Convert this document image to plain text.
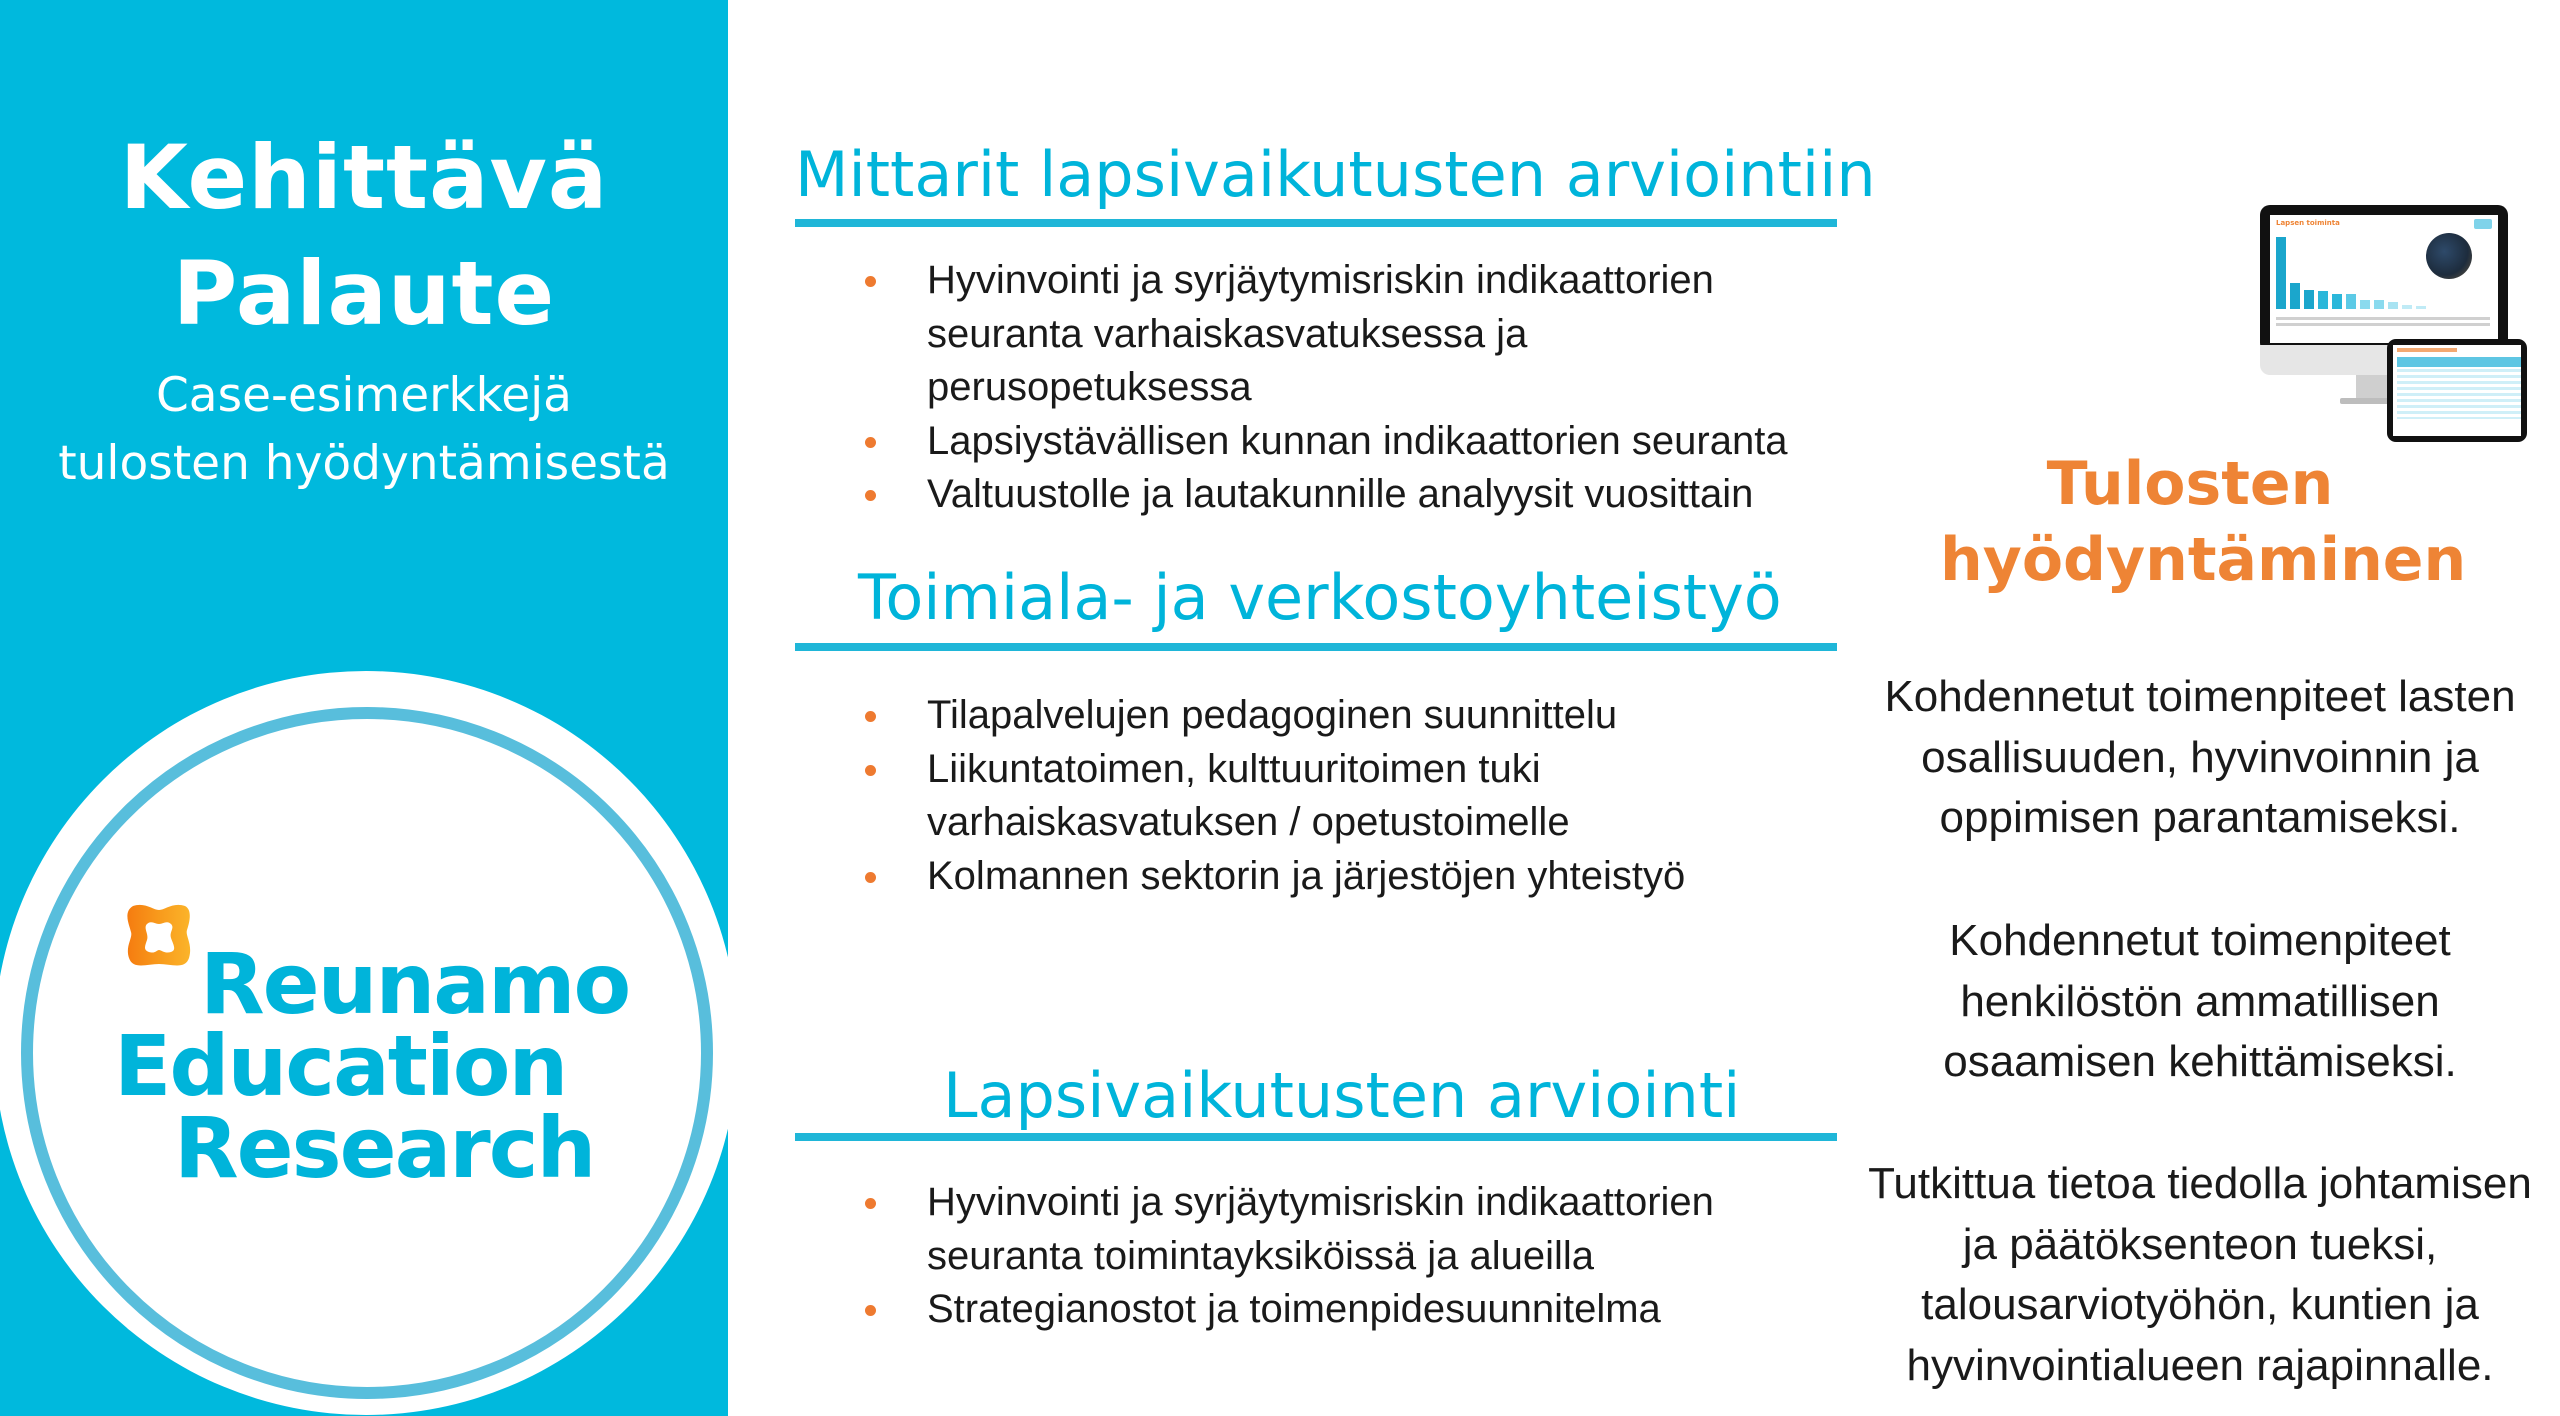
Kehittävä
Palaute
Case-esimerkkejä
tulosten hyödyntämisestä
Reunamo
Education
Research
Mittarit lapsivaikutusten arviointiin
Hyvinvointi ja syrjäytymisriskin indikaattorien seuranta varhaiskasvatuksessa ja perusopetuksessa
Lapsiystävällisen kunnan indikaattorien seuranta
Valtuustolle ja lautakunnille analyysit vuosittain
Toimiala- ja verkostoyhteistyö
Tilapalvelujen pedagoginen suunnittelu
Liikuntatoimen, kulttuuritoimen tuki varhaiskasvatuksen / opetustoimelle
Kolmannen sektorin ja järjestöjen yhteistyö
Lapsivaikutusten arviointi
Hyvinvointi ja syrjäytymisriskin indikaattorien seuranta toimintayksiköissä ja alueilla
Strategianostot ja toimenpidesuunnitelma
Lapsen toiminta
Tulosten
hyödyntäminen
Kohdennetut toimenpiteet lasten osallisuuden, hyvinvoinnin ja oppimisen parantamiseksi.
Kohdennetut toimenpiteet henkilöstön ammatillisen osaamisen kehittämiseksi.
Tutkittua tietoa tiedolla johtamisen ja päätöksenteon tueksi, talousarviotyöhön, kuntien ja hyvinvointialueen rajapinnalle.
